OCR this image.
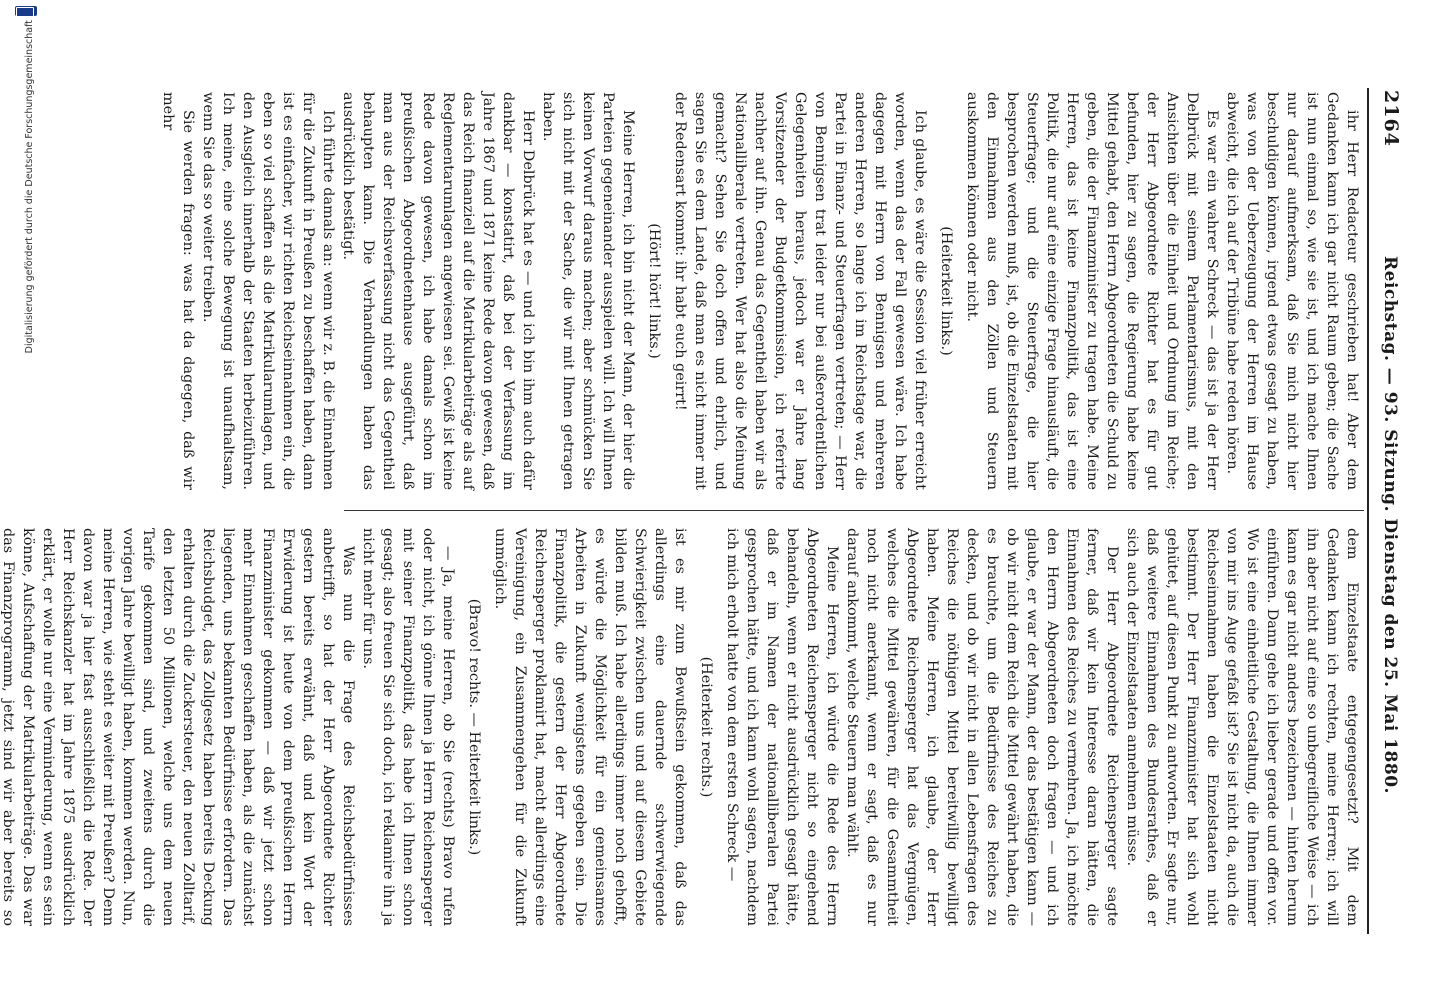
2164
Reichstag. — 93. Sitzung. Dienstag den 25. Mai 1880.

ihr Herr Redacteur geschrieben hat! Aber dem Gedanken kann ich gar nicht Raum geben; die Sache ist nun einmal so, wie sie ist, und ich mache Ihnen nur darauf aufmerksam, daß Sie mich nicht hier beschuldigen können, irgend etwas gesagt zu haben, was von der Ueberzeugung der Herren im Hause abweicht, die ich auf der Tribüne habe reden hören.

Es war ein wahrer Schreck — das ist ja der Herr Delbrück mit seinem Parlamentarismus, mit den Ansichten über die Einheit und Ordnung im Reiche; der Herr Abgeordnete Richter hat es für gut befunden, hier zu sagen, die Regierung habe keine Mittel gehabt, den Herrn Abgeordneten die Schuld zu geben, die der Finanzminister zu tragen habe. Meine Herren, das ist keine Finanzpolitik, das ist eine Politik, die nur auf eine einzige Frage hinausläuft, die Steuerfrage; und die Steuerfrage, die hier besprochen werden muß, ist, ob die Einzelstaaten mit den Einnahmen aus den Zöllen und Steuern auskommen können oder nicht.

(Heiterkeit links.)

Ich glaube, es wäre die Session viel früher erreicht worden, wenn das der Fall gewesen wäre. Ich habe dagegen mit Herrn von Bennigsen und mehreren anderen Herren, so lange ich im Reichstage war, die Partei in Finanz- und Steuerfragen vertreten; — Herr von Bennigsen trat leider nur bei außerordentlichen Gelegenheiten heraus, jedoch war er Jahre lang Vorsitzender der Budgetkommission, ich referirte nachher auf ihn. Genau das Gegentheil haben wir als Nationalliberale vertreten. Wer hat also die Meinung gemacht? Sehen Sie doch offen und ehrlich, und sagen Sie es dem Lande, daß man es nicht immer mit der Redensart kommt: ihr habt euch geirrt!

(Hört! hört! links.)

Meine Herren, ich bin nicht der Mann, der hier die Parteien gegeneinander ausspielen will. Ich will Ihnen keinen Vorwurf daraus machen; aber schmücken Sie sich nicht mit der Sache, die wir mit Ihnen getragen haben.

Herr Delbrück hat es — und ich bin ihm auch dafür dankbar — konstatirt, daß bei der Verfassung im Jahre 1867 und 1871 keine Rede davon gewesen, daß das Reich finanziell auf die Matrikularbeiträge als auf Reglementarumlagen angewiesen sei. Gewiß ist keine Rede davon gewesen, ich habe damals schon im preußischen Abgeordnetenhause ausgeführt, daß man aus der Reichsverfassung nicht das Gegentheil behaupten kann. Die Verhandlungen haben das ausdrücklich bestätigt.

Ich führte damals an: wenn wir z. B. die Einnahmen für die Zukunft in Preußen zu beschaffen haben, dann ist es einfacher, wir richten Reichseinnahmen ein, die eben so viel schaffen als die Matrikularumlagen, und den Ausgleich innerhalb der Staaten herbeizuführen. Ich meine, eine solche Bewegung ist unaufhaltsam, wenn Sie das so weiter treiben.

Sie werden fragen: was hat da dagegen, daß wir mehr

dem Einzelstaate entgegengesetzt? Mit dem Gedanken kann ich rechten, meine Herren; ich will ihn aber nicht auf eine so unbegreifliche Weise — ich kann es gar nicht anders bezeichnen — hinten herum einführen. Dann gehe ich lieber gerade und offen vor. Wo ist eine einheitliche Gestaltung, die Ihnen immer von mir ins Auge gefaßt ist? Sie ist nicht da, auch die Reichseinnahmen haben die Einzelstaaten nicht bestimmt. Der Herr Finanzminister hat sich wohl gehütet, auf diesen Punkt zu antworten. Er sagte nur, daß weitere Einnahmen des Bundesrathes, daß er sich auch der Einzelstaaten annehmen müsse.

Der Herr Abgeordnete Reichensperger sagte ferner, daß wir kein Interesse daran hätten, die Einnahmen des Reiches zu vermehren. Ja, ich möchte den Herrn Abgeordneten doch fragen — und ich glaube, er war der Mann, der das bestätigen kann — ob wir nicht dem Reich die Mittel gewährt haben, die es brauchte, um die Bedürfnisse des Reiches zu decken, und ob wir nicht in allen Lebensfragen des Reiches die nöthigen Mittel bereitwillig bewilligt haben. Meine Herren, ich glaube, der Herr Abgeordnete Reichensperger hat das Vergnügen, welches die Mittel gewähren, für die Gesammtheit noch nicht anerkannt, wenn er sagt, daß es nur darauf ankommt, welche Steuern man wählt.

Meine Herren, ich würde die Rede des Herrn Abgeordneten Reichensperger nicht so eingehend behandeln, wenn er nicht ausdrücklich gesagt hätte, daß er im Namen der nationalliberalen Partei gesprochen hätte, und ich kann wohl sagen, nachdem ich mich erholt hatte von dem ersten Schreck —

(Heiterkeit rechts.)

ist es mir zum Bewußtsein gekommen, daß das allerdings eine dauernde schwerwiegende Schwierigkeit zwischen uns und auf diesem Gebiete bilden muß. Ich habe allerdings immer noch gehofft, es würde die Möglichkeit für ein gemeinsames Arbeiten in Zukunft wenigstens gegeben sein. Die Finanzpolitik, die gestern der Herr Abgeordnete Reichensperger proklamirt hat, macht allerdings eine Vereinigung, ein Zusammengehen für die Zukunft unmöglich.

(Bravo! rechts. — Heiterkeit links.)

— Ja, meine Herren, ob Sie (rechts) Bravo rufen oder nicht, ich gönne Ihnen ja Herrn Reichensperger mit seiner Finanzpolitik, das habe ich Ihnen schon gesagt; also freuen Sie sich doch, ich reklamire ihn ja nicht mehr für uns.

Was nun die Frage des Reichsbedürfnisses anbetrifft, so hat der Herr Abgeordnete Richter gestern bereits erwähnt, daß und kein Wort der Erwiderung ist heute von dem preußischen Herrn Finanzminister gekommen — daß wir jetzt schon mehr Einnahmen geschaffen haben, als die zunächst liegenden, uns bekannten Bedürfnisse erfordern. Das Reichsbudget, das Zollgesetz haben bereits Deckung erhalten durch die Zuckersteuer, den neuen Zolltarif, den letzten 50 Millionen, welche uns dem neuen Tarife gekommen sind, und zweitens durch die vorigen Jahre bewilligt haben, kommen werden. Nun, meine Herren, wie steht es weiter mit Preußen? Denn davon war ja hier fast ausschließlich die Rede. Der Herr Reichskanzler hat im Jahre 1875 ausdrücklich erklärt, er wolle nur eine Verminderung, wenn es sein könne, Aufschaffung der Matrikularbeiträge. Das war das Finanzprogramm, jetzt sind wir aber bereits so

Digitalisierung gefördert durch die Deutsche Forschungsgemeinschaft
